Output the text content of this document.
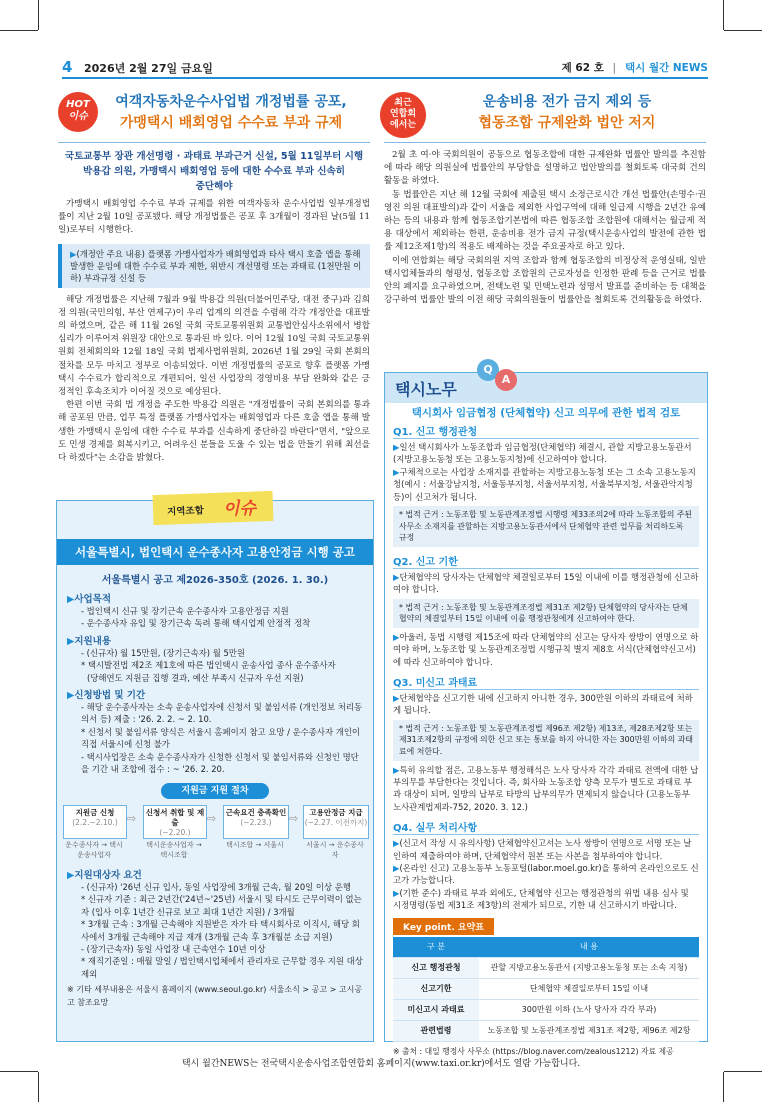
4 2026년 2월 27일 금요일	제 62 호 | 택시 월간 NEWS
HOT
이슈
여객자동차운수사업법 개정법률 공포,
가맹택시 배회영업 수수료 부과 규제
국토교통부 장관 개선명령 · 과태료 부과근거 신설, 5월 11일부터 시행
박용갑 의원, 가맹택시 배회영업 등에 대한 수수료 부과 신속히
중단해야

가맹택시 배회영업 수수료 부과 규제를 위한 여객자동차 운수사업법 일부개정법률이 지난 2월 10일 공포됐다. 해당 개정법률은 공포 후 3개월이 경과된 날(5월 11일)로부터 시행한다.

▶(개정안 주요 내용) 플랫폼 가맹사업자가 배회영업과 타사 택시 호출 앱을 통해 발생한 운임에 대한 수수료 부과 제한, 위반시 개선명령 또는 과태료 (1천만원 이하) 부과규정 신설 등

해당 개정법률은 지난해 7월과 9월 박용갑 의원(더불어민주당, 대전 중구)과 김희정 의원(국민의힘, 부산 연제구)이 우리 업계의 의견을 수렴해 각각 개정안을 대표발의 하였으며, 같은 해 11월 26일 국회 국토교통위원회 교통법안심사소위에서 병합심리가 이루어져 위원장 대안으로 통과된 바 있다. 이어 12월 10일 국회 국토교통위원회 전체회의와 12월 18일 국회 법제사법위원회, 2026년 1월 29일 국회 본회의 절차를 모두 마치고 정부로 이송되었다. 이번 개정법률의 공포로 향후 플랫폼 가맹택시 수수료가 합리적으로 개편되어, 일선 사업장의 경영비용 부담 완화와 같은 긍정적인 후속조치가 이어질 것으로 예상된다.

한편 이번 국회 법 개정을 주도한 박용갑 의원은 "개정법률이 국회 본회의를 통과해 공포된 만큼, 업무 특정 플랫폼 가맹사업자는 배회영업과 다른 호출 앱을 통해 발생한 가맹택시 운임에 대한 수수료 부과를 신속하게 중단하길 바란다"면서, "앞으로도 민생 경제를 회복시키고, 어려우신 분들을 도울 수 있는 법을 만들기 위해 최선을 다 하겠다"는 소감을 밝혔다.

지역조합 이슈
서울특별시, 법인택시 운수종사자 고용안정금 시행 공고
서울특별시 공고 제2026-350호 (2026. 1. 30.)
▶사업목적
- 법인택시 신규 및 장기근속 운수종사자 고용안정금 지원
- 운수종사자 유입 및 장기근속 독려 통해 택시업계 안정적 정착
▶지원내용
- (신규자) 월 15만원, (장기근속자) 월 5만원
* 택시발전법 제2조 제1호에 따른 법인택시 운송사업 종사 운수종사자
(당해연도 지원금 집행 결과, 예산 부족시 신규자 우선 지원)
▶신청방법 및 기간
- 해당 운수종사자는 소속 운송사업자에 신청서 및 붙임서류 (개인정보 처리동의서 등) 제출 : '26. 2. 2. ~ 2. 10.
* 신청서 및 붙임서류 양식은 서울시 홈페이지 참고 요망 / 운수종사자 개인이 직접 서울시에 신청 불가
- 택시사업장은 소속 운수종사자가 신청한 신청서 및 붙임서류와 신청인 명단을 기간 내 조합에 접수 : ~ '26. 2. 20.
지원금 지원 절차
지원금 신청
(2.2.~2.10.)
운수종사자 → 택시운송사업자
⇨ 신청서 취합 및 제출
(~2.20.)
택시운송사업자 → 택시조합
⇨ 근속요건 충족확인
(~2.23.)
택시조합 → 서울시
⇨	고용안정금 지급
(~2.27. 이전까지)
서울시 → 운수종사자
▶지원대상자 요건
- (신규자) '26년 신규 입사, 동일 사업장에 3개월 근속, 월 20일 이상 운행
* 신규자 기준 : 최근 2년간('24년~'25년) 서울시 및 타시도 근무이력이 없는 자 (입사 이후 1년간 신규로 보고 최대 1년간 지원) / 3개월
* 3개월 근속 : 3개월 근속해야 지원받은 자가 타 택시회사로 이직시, 해당 회사에서 3개월 근속해야 지급 재개 (3개월 근속 후 3개월분 소급 지원)
- (장기근속자) 동일 사업장 내 근속연수 10년 이상
* 재직기준일 : 매월 말일 / 법인택시업체에서 관리자로 근무할 경우 지원 대상 제외
※ 기타 세부내용은 서울시 홈페이지 (www.seoul.go.kr) 서울소식 > 공고 > 고시공고 참조요망
최근
연합회
에서는
운송비용 전가 금지 제외 등
협동조합 규제완화 법안 저지

2월 초 여·야 국회의원이 공동으로 협동조합에 대한 규제완화 법률안 발의를 추진함에 따라 해당 의원실에 법률안의 부당함을 설명하고 법안발의를 철회토록 대국회 건의활동을 하였다.

동 법률안은 지난 해 12월 국회에 제출된 택시 소정근로시간 개선 법률안(손명수·권영진 의원 대표발의)과 같이 서울을 제외한 사업구역에 대해 일급제 시행을 2년간 유예하는 등의 내용과 함께 협동조합기본법에 따른 협동조합 조합원에 대해서는 월급제 적용 대상에서 제외하는 한편, 운송비용 전가 금지 규정(택시운송사업의 발전에 관한 법률 제12조제1항)의 적용도 배제하는 것을 주요골자로 하고 있다.

이에 연합회는 해당 국회의원 지역 조합과 함께 협동조합의 비정상적 운영실태, 일반 택시업체들과의 형평성, 협동조합 조합원의 근로자성을 인정한 판례 등을 근거로 법률안의 폐지를 요구하였으며, 전택노련 및 민택노련과 성명서 발표를 준비하는 등 대책을 강구하여 법률안 발의 이전 해당 국회의원들이 법률안을 철회토록 건의활동을 하였다.

택시노무
Q
A
택시회사 임금협정 (단체협약) 신고 의무에 관한 법적 검토
Q1. 신고 행정관청
▶일선 택시회사가 노동조합과 임금협정(단체협약) 체결시, 관할 지방고용노동관서(지방고용노동청 또는 고용노동지청)에 신고하여야 합니다.
▶구체적으로는 사업장 소재지를 관할하는 지방고용노동청 또는 그 소속 고용노동지청(예시 : 서울강남지청, 서울동부지청, 서울서부지청, 서울북부지청, 서울관악지청 등)이 신고처가 됩니다.
* 법적 근거 : 노동조합 및 노동관계조정법 시행령 제33조의2에 따라 노동조합의 주된 사무소 소재지를 관할하는 지방고용노동관서에서 단체협약 관련 업무를 처리하도록 규정
Q2. 신고 기한
▶단체협약의 당사자는 단체협약 체결일로부터 15일 이내에 이를 행정관청에 신고하여야 합니다.
* 법적 근거 : 노동조합 및 노동관계조정법 제31조 제2항) 단체협약의 당사자는 단체협약의 체결일부터 15일 이내에 이를 행정관청에게 신고하여야 한다.
▶아울러, 동법 시행령 제15조에 따라 단체협약의 신고는 당사자 쌍방이 연명으로 하여야 하며, 노동조합 및 노동관계조정법 시행규칙 별지 제8호 서식(단체협약신고서)에 따라 신고하여야 합니다.
Q3. 미신고 과태료
▶단체협약을 신고기한 내에 신고하지 아니한 경우, 300만원 이하의 과태료에 처하게 됩니다.
* 법적 근거 : 노동조합 및 노동관계조정법 제96조 제2항) 제13조, 제28조제2항 또는 제31조제2항의 규정에 의한 신고 또는 통보를 하지 아니한 자는 300만원 이하의 과태료에 처한다.
▶특히 유의할 점은, 고용노동부 행정해석은 노사 당사자 각각 과태료 전액에 대한 납부의무를 부담한다는 것입니다. 즉, 회사와 노동조합 양측 모두가 별도로 과태료 부과 대상이 되며, 일방의 납부로 타방의 납부의무가 면제되지 않습니다 (고용노동부 노사관계법제과-752, 2020. 3. 12.)
Q4. 실무 처리사항
▶(신고서 작성 시 유의사항) 단체협약신고서는 노사 쌍방이 연명으로 서명 또는 날인하여 제출하여야 하며, 단체협약서 원본 또는 사본을 첨부하여야 합니다.
▶(온라인 신고) 고용노동부 노동포털(labor.moel.go.kr)을 통하여 온라인으로도 신고가 가능합니다.
▶(기한 준수) 과태료 부과 외에도, 단체협약 신고는 행정관청의 위법 내용 심사 및 시정명령(동법 제31조 제3항)의 전제가 되므로, 기한 내 신고하시기 바랍니다.
Key point. 요약표
구 분	내 용
신고 행정관청	관할 지방고용노동관서 (지방고용노동청 또는 소속 지청)
신고기한	단체협약 체결일로부터 15일 이내
미신고시 과태료	300만원 이하 (노사 당사자 각각 부과)
관련법령	노동조합 및 노동관계조정법 제31조 제2항, 제96조 제2항
※ 출처 : 대일 행정사 사무소 (https://blog.naver.com/zealous1212) 자료 제공
택시 월간NEWS는 전국택시운송사업조합연합회 홈페이지(www.taxi.or.kr)에서도 열람 가능합니다.
